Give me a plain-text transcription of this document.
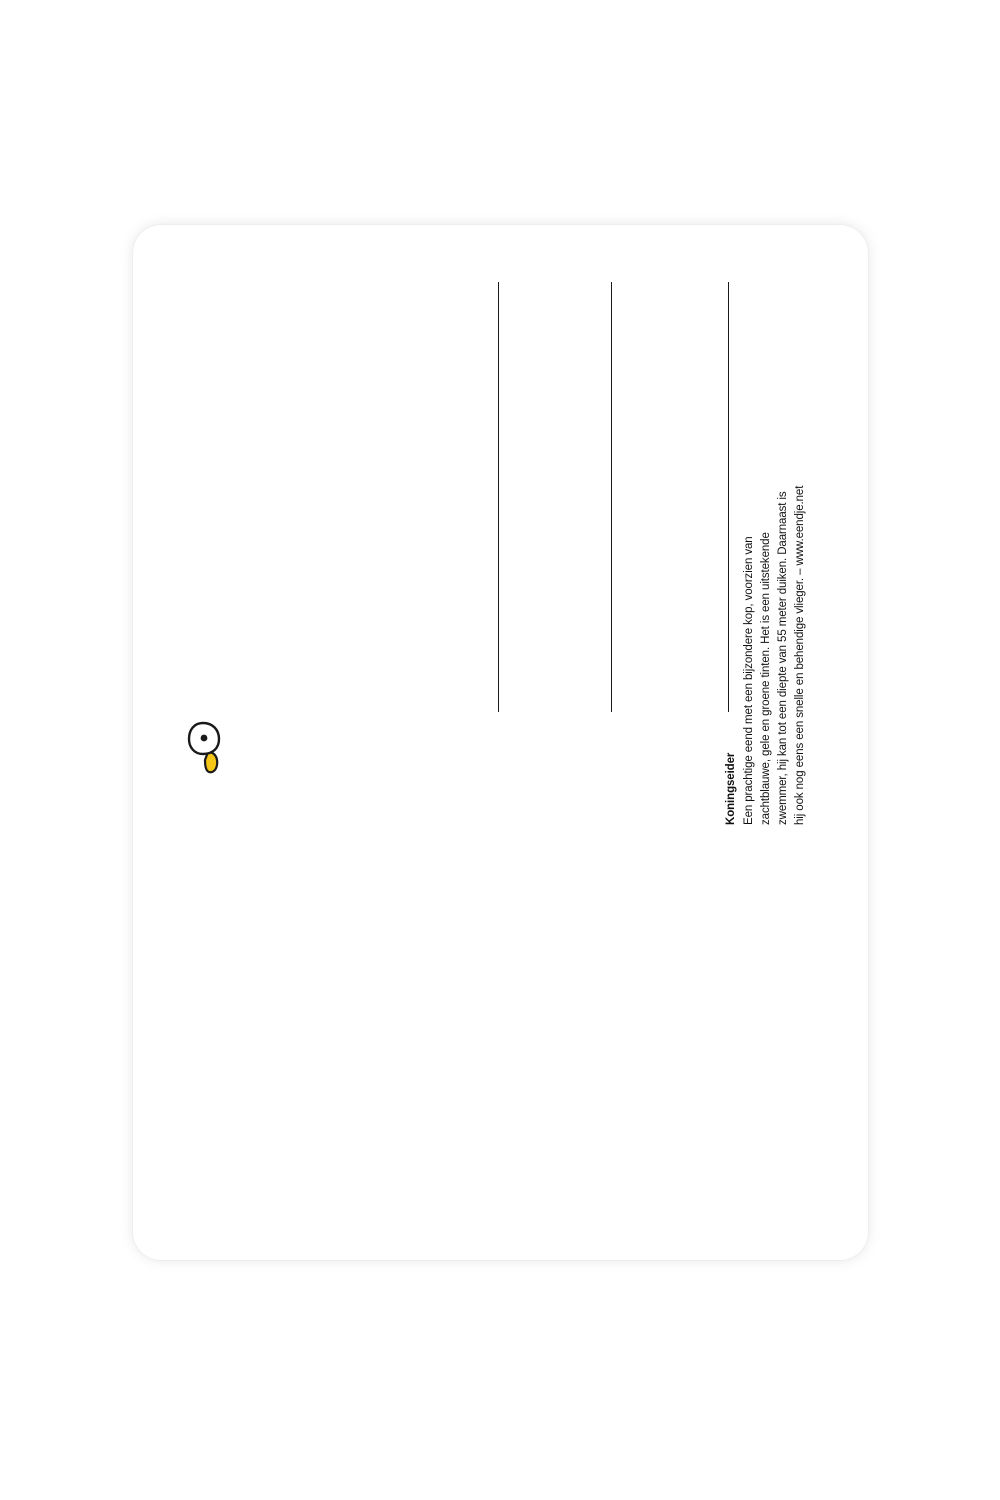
Koningseider Een prachtige eend met een bijzondere kop, voorzien van zachtblauwe, gele en groene tinten. Het is een uitstekende zwemmer, hij kan tot een diepte van 55 meter duiken. Daarnaast is hij ook nog eens een snelle en behendige vlieger. – www.eendje.net
